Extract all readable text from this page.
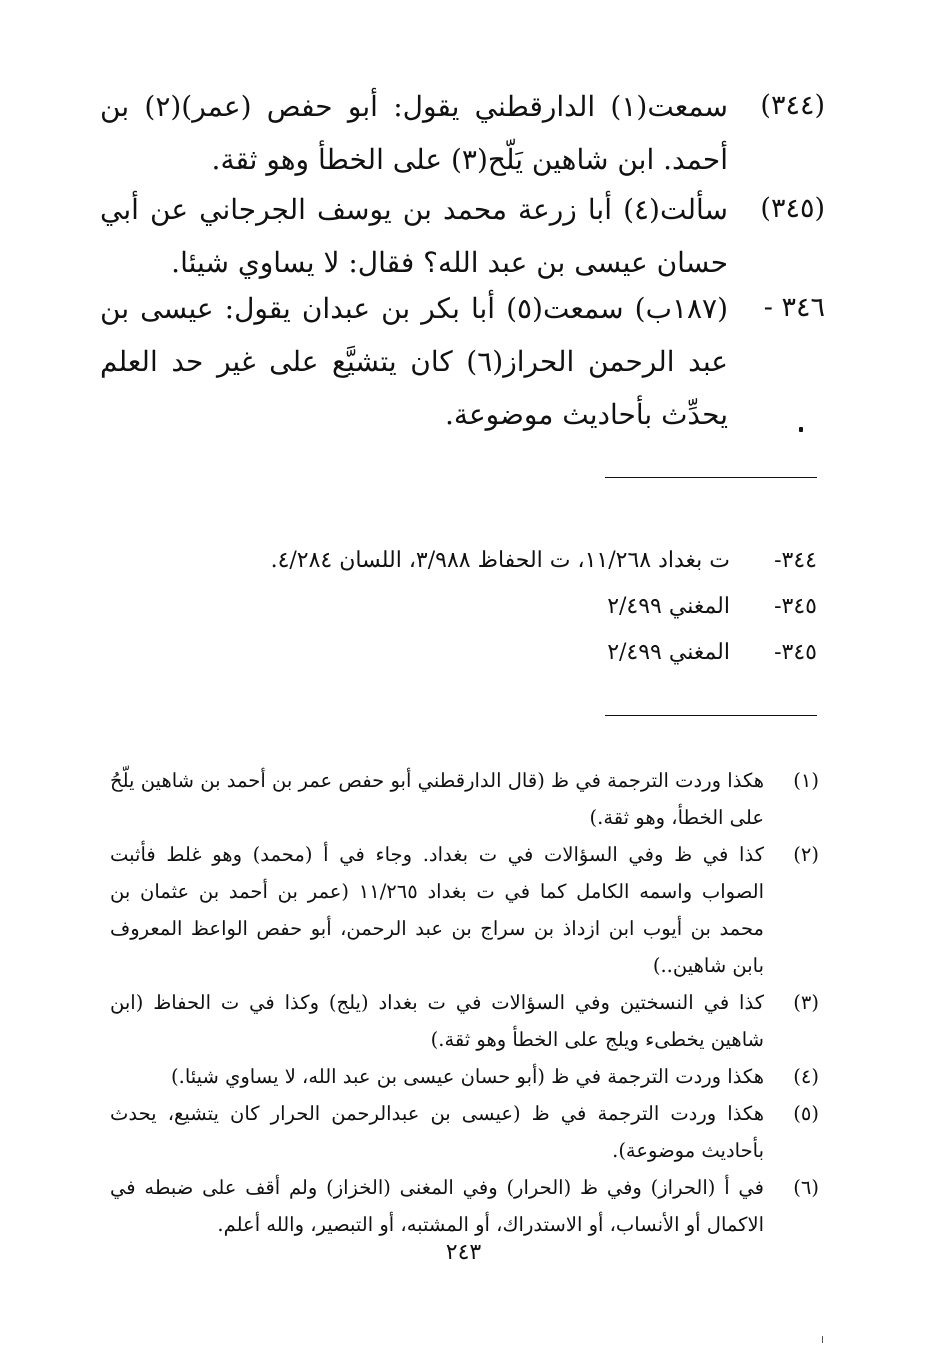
(٣٤٤)
سمعت(١) الدارقطني يقول: أبو حفص (عمر)(٢) بن أحمد. ابن شاهين يَلّح(٣) على الخطأ وهو ثقة.
(٣٤٥)
سألت(٤) أبا زرعة محمد بن يوسف الجرجاني عن أبي حسان عيسى بن عبد الله؟ فقال: لا يساوي شيئا.
٣٤٦ -
(١٨٧ب) سمعت(٥) أبا بكر بن عبدان يقول: عيسى بن عبد الرحمن الحراز(٦) كان يتشيَّع على غير حد العلم يحدِّث بأحاديث موضوعة.
٣٤٤- ت بغداد ١١/٢٦٨، ت الحفاظ ٣/٩٨٨، اللسان ٤/٢٨٤.
٣٤٥- المغني ٢/٤٩٩
٣٤٥- المغني ٢/٤٩٩
(١)
هكذا وردت الترجمة في ظ (قال الدارقطني أبو حفص عمر بن أحمد بن شاهين يلّحُ على الخطأ، وهو ثقة.)
(٢)
كذا في ظ وفي السؤالات في ت بغداد. وجاء في أ (محمد) وهو غلط فأثبت الصواب واسمه الكامل كما في ت بغداد ١١/٢٦٥ (عمر بن أحمد بن عثمان بن محمد بن أيوب ابن ازداذ بن سراج بن عبد الرحمن، أبو حفص الواعظ المعروف بابن شاهين..)
(٣)
كذا في النسختين وفي السؤالات في ت بغداد (يلج) وكذا في ت الحفاظ (ابن شاهين يخطىء ويلج على الخطأ وهو ثقة.)
(٤)
هكذا وردت الترجمة في ظ (أبو حسان عيسى بن عبد الله، لا يساوي شيئا.)
(٥)
هكذا وردت الترجمة في ظ (عيسى بن عبدالرحمن الحرار كان يتشيع، يحدث بأحاديث موضوعة).
(٦)
في أ (الحراز) وفي ظ (الحرار) وفي المغنى (الخزاز) ولم أقف على ضبطه في الاكمال أو الأنساب، أو الاستدراك، أو المشتبه، أو التبصير، والله أعلم.
٢٤٣
